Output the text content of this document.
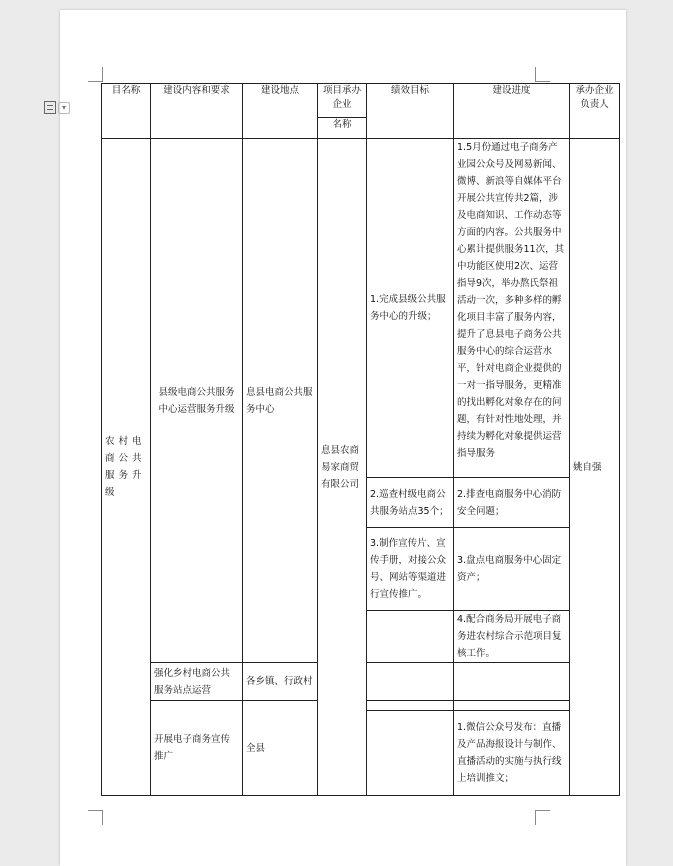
▾
目名称	建设内容和要求	建设地点	项目承办企业	绩效目标	建设进度	承办企业负责人
			名称			
农村电商公共服务升级	县级电商公共服务中心运营服务升级	息县电商公共服务中心	息县农商易家商贸有限公司	1.完成县级公共服务中心的升级；	1.5月份通过电子商务产业园公众号及网易新闻、微博、新浪等自媒体平台开展公共宣传共2篇，涉及电商知识、工作动态等方面的内容。公共服务中心累计提供服务11次，其中功能区使用2次、运营指导9次，举办熬氏祭祖活动一次，多种多样的孵化项目丰富了服务内容，提升了息县电子商务公共服务中心的综合运营水平，针对电商企业提供的一对一指导服务，更精准的找出孵化对象存在的问题，有针对性地处理，并持续为孵化对象提供运营指导服务	姚自强
				2.巡查村级电商公共服务站点35个；	2.排查电商服务中心消防安全问题；	
				3.制作宣传片、宣传手册，对接公众号、网站等渠道进行宣传推广。	3.盘点电商服务中心固定资产；	
					4.配合商务局开展电子商务进农村综合示范项目复核工作。	
	强化乡村电商公共服务站点运营	各乡镇、行政村				
	开展电子商务宣传推广	全县				
					1.微信公众号发布：直播及产品海报设计与制作、直播活动的实施与执行线上培训推文；	
